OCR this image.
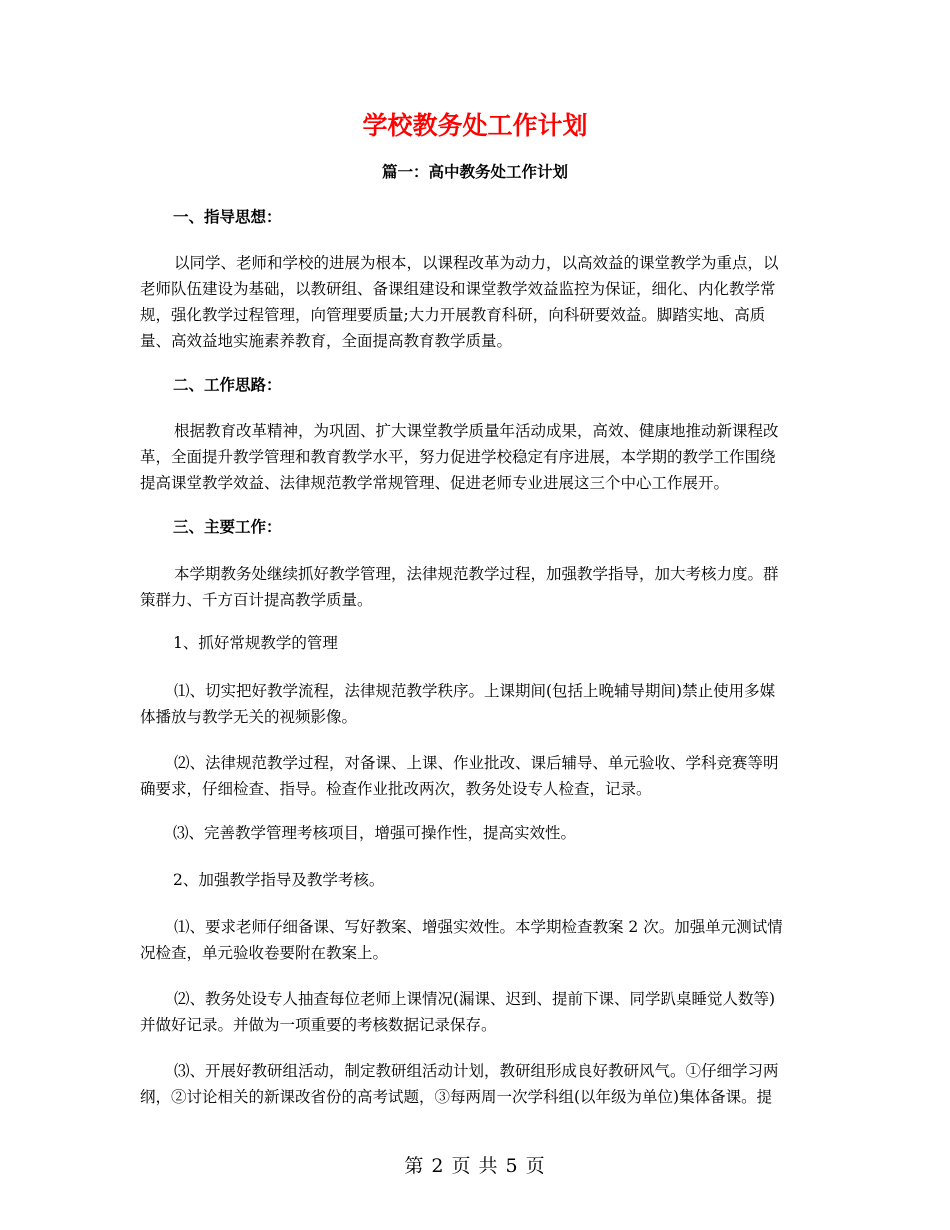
学校教务处工作计划
篇一：高中教务处工作计划
一、指导思想：
以同学、老师和学校的进展为根本，以课程改革为动力，以高效益的课堂教学为重点，以
老师队伍建设为基础，以教研组、备课组建设和课堂教学效益监控为保证，细化、内化教学常
规，强化教学过程管理，向管理要质量;大力开展教育科研，向科研要效益。脚踏实地、高质
量、高效益地实施素养教育，全面提高教育教学质量。
二、工作思路：
根据教育改革精神，为巩固、扩大课堂教学质量年活动成果，高效、健康地推动新课程改
革，全面提升教学管理和教育教学水平，努力促进学校稳定有序进展，本学期的教学工作围绕
提高课堂教学效益、法律规范教学常规管理、促进老师专业进展这三个中心工作展开。
三、主要工作：
本学期教务处继续抓好教学管理，法律规范教学过程，加强教学指导，加大考核力度。群
策群力、千方百计提高教学质量。
1、抓好常规教学的管理
⑴、切实把好教学流程，法律规范教学秩序。上课期间(包括上晚辅导期间)禁止使用多媒
体播放与教学无关的视频影像。
⑵、法律规范教学过程，对备课、上课、作业批改、课后辅导、单元验收、学科竞赛等明
确要求，仔细检查、指导。检查作业批改两次，教务处设专人检查，记录。
⑶、完善教学管理考核项目，增强可操作性，提高实效性。
2、加强教学指导及教学考核。
⑴、要求老师仔细备课、写好教案、增强实效性。本学期检查教案 2 次。加强单元测试情
况检查，单元验收卷要附在教案上。
⑵、教务处设专人抽查每位老师上课情况(漏课、迟到、提前下课、同学趴桌睡觉人数等)
并做好记录。并做为一项重要的考核数据记录保存。
⑶、开展好教研组活动，制定教研组活动计划，教研组形成良好教研风气。①仔细学习两
纲，②讨论相关的新课改省份的高考试题，③每两周一次学科组(以年级为单位)集体备课。提
第 2 页 共 5 页
